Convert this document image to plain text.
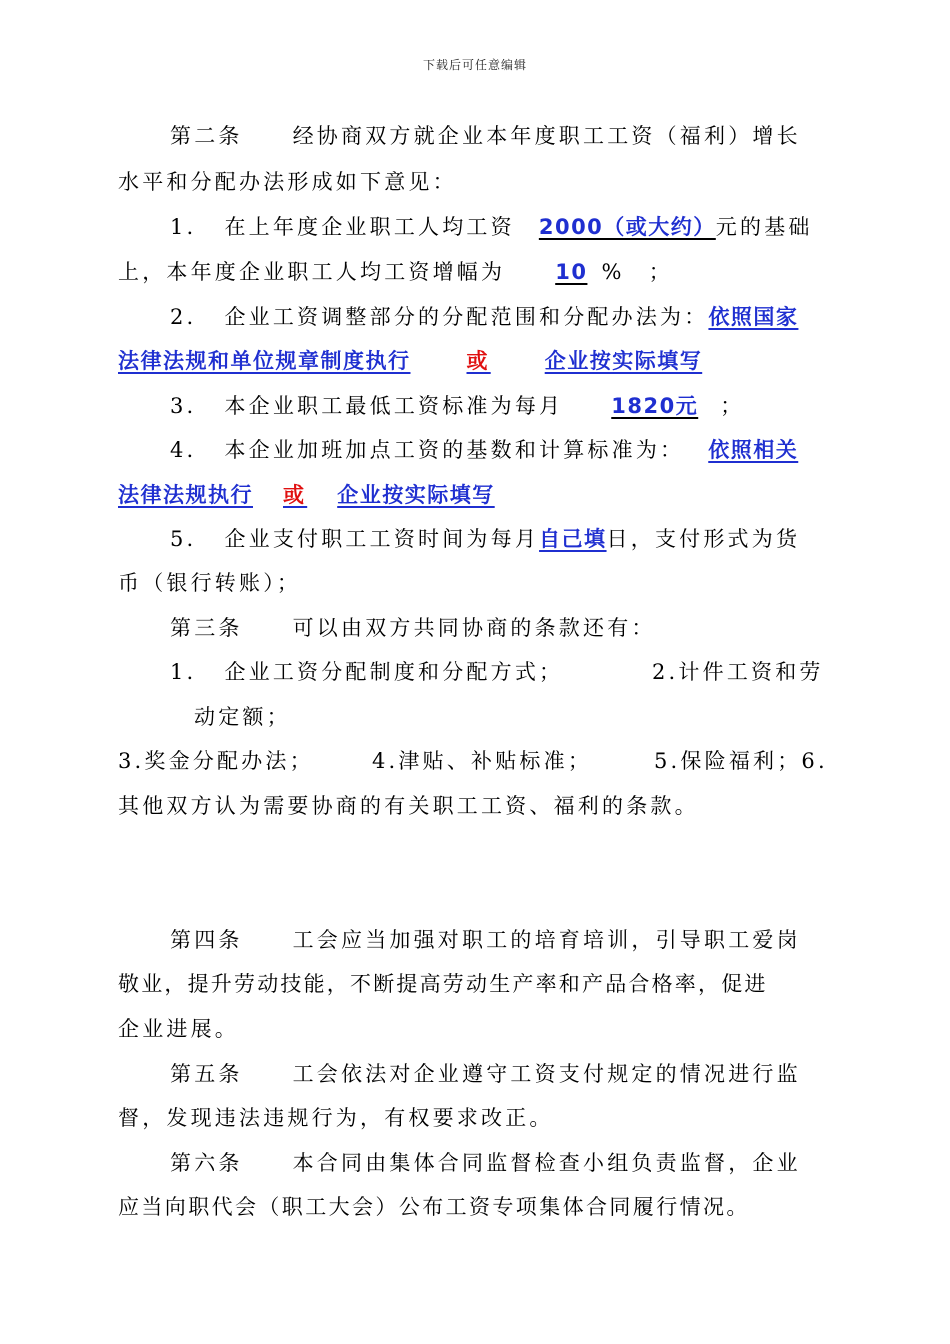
下载后可任意编辑
第二条 经协商双方就企业本年度职工工资（福利）增长
水平和分配办法形成如下意见：
1. 在上年度企业职工人均工资 2000（或大约）元的基础
上，本年度企业职工人均工资增幅为 10 %　；
2. 企业工资调整部分的分配范围和分配办法为：依照国家
法律法规和单位规章制度执行	或	企业按实际填写
3. 本企业职工最低工资标准为每月 1820元 ；
4. 本企业加班加点工资的基数和计算标准为： 依照相关
法律法规执行 或 企业按实际填写
5. 企业支付职工工资时间为每月自己填日，支付形式为货
币（银行转账）；
第三条 可以由双方共同协商的条款还有：
1. 企业工资分配制度和分配方式；	2.计件工资和劳
动定额；
3.奖金分配办法；	4.津贴、补贴标准；	5.保险福利；6.
其他双方认为需要协商的有关职工工资、福利的条款。
第四条 工会应当加强对职工的培育培训，引导职工爱岗
敬业，提升劳动技能，不断提高劳动生产率和产品合格率，促进
企业进展。
第五条 工会依法对企业遵守工资支付规定的情况进行监
督，发现违法违规行为，有权要求改正。
第六条 本合同由集体合同监督检查小组负责监督，企业
应当向职代会（职工大会）公布工资专项集体合同履行情况。
